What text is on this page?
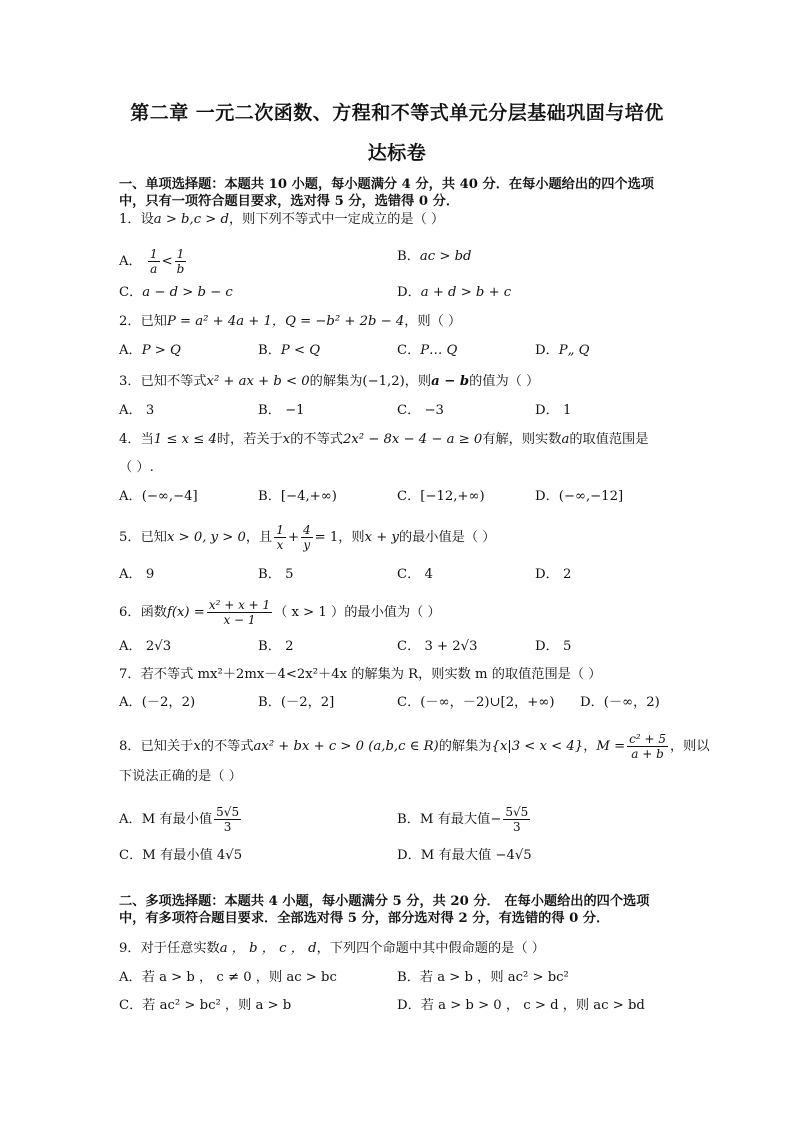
第二章 一元二次函数、方程和不等式单元分层基础巩固与培优
达标卷
一、单项选择题：本题共 10 小题，每小题满分 4 分，共 40 分．在每小题给出的四个选项
中，只有一项符合题目要求，选对得 5 分，选错得 0 分．
1．设a > b,c > d，则下列不等式中一定成立的是（ ）
A． $\frac{1}{a} < \frac{1}{b}$	B．ac > bd
C．a − d > b − c	D．a + d > b + c
2．已知P = a² + 4a + 1，Q = −b² + 2b − 4，则（ ）
A．P > Q	B．P < Q	C．P… Q	D．P„ Q
3．已知不等式x² + ax + b < 0的解集为(−1,2)，则a − b的值为（ ）
A． 3	B． −1	C． −3	D． 1
4．当1 ≤ x ≤ 4时，若关于x的不等式2x² − 8x − 4 − a ≥ 0有解，则实数a的取值范围是
（ ）.
A．(−∞,−4]	B．[−4,+∞)	C．[−12,+∞)	D．(−∞,−12]
5．已知x > 0, y > 0，且 $\frac{1}{x} + \frac{4}{y} = 1$，则x + y的最小值是（ ）
A． 9	B． 5	C． 4	D． 2
6．函数$f(x) = \frac{\text{x² + x + 1}}{x - 1}$ （ x > 1 ）的最小值为（ ）
A． 2√3	B． 2	C． 3 + 2√3	D． 5
7．若不等式 mx²＋2mx－4<2x²＋4x 的解集为 R，则实数 m 的取值范围是（ ）
A．(－2，2)	B．(－2，2]	C．(－∞，－2)∪[2，+∞) D．(－∞，2)
8．已知关于x的不等式ax² + bx + c > 0 (a,b,c ∈ R)的解集为{x|3 < x < 4}，$M = \frac{\text{c² + 5}}{a + b}$ ，则以
下说法正确的是（ ）
A．M 有最小值 $\frac{5√5}{3}$	B．M 有最大值− $\frac{5√5}{3}$
C．M 有最小值 4√5	D．M 有最大值 −4√5
二、多项选择题：本题共 4 小题，每小题满分 5 分，共 20 分． 在每小题给出的四个选项
中，有多项符合题目要求．全部选对得 5 分，部分选对得 2 分，有选错的得 0 分．
9．对于任意实数a ， b ， c ， d，下列四个命题中其中假命题的是（ ）
A．若 a > b ， c ≠ 0 ，则 ac > bc	B．若 a > b ，则 ac² > bc²
C．若 ac² > bc² ，则 a > b	D．若 a > b > 0 ， c > d ，则 ac > bd
